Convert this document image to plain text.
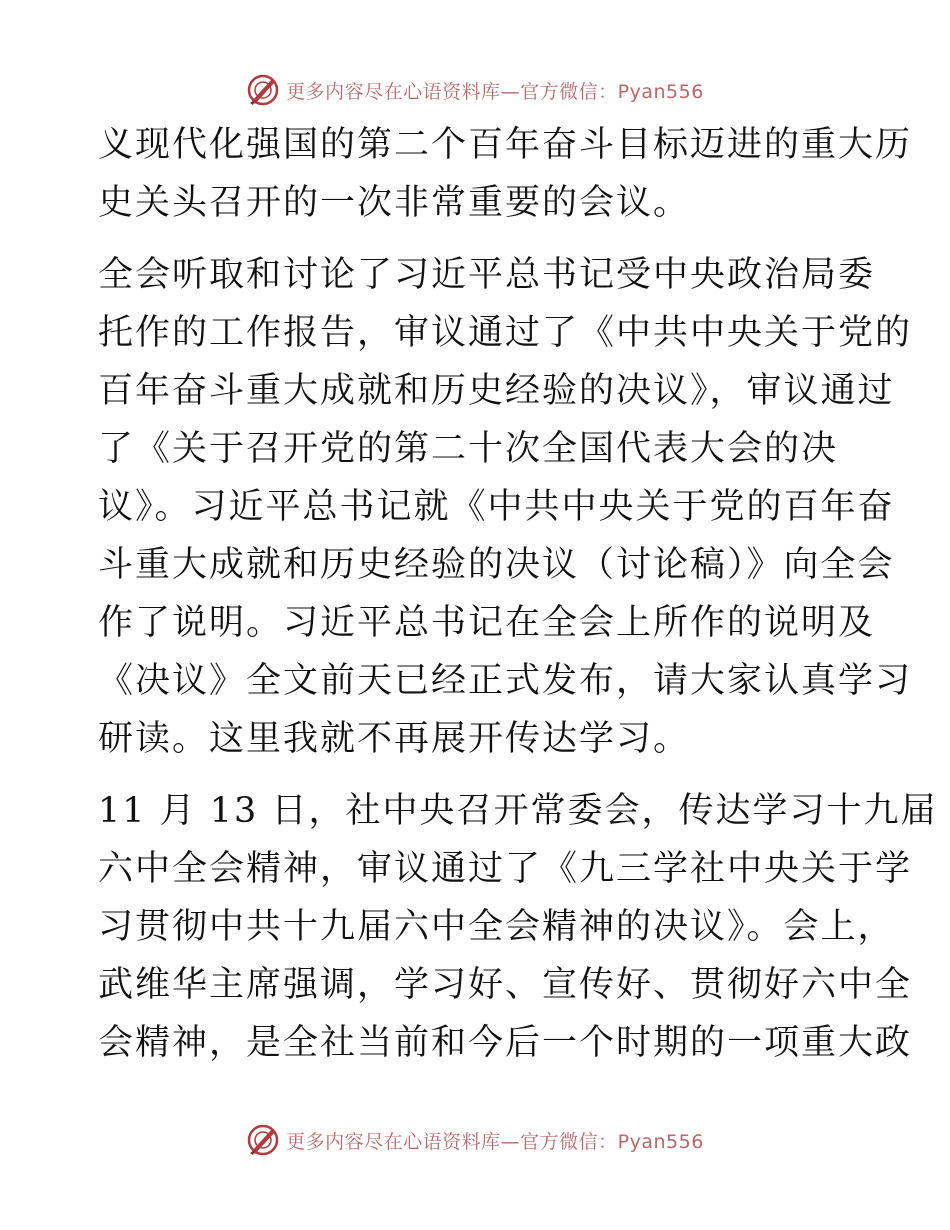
更多内容尽在心语资料库—官方微信：Pyan556
义现代化强国的第二个百年奋斗目标迈进的重大历
史关头召开的一次非常重要的会议。
全会听取和讨论了习近平总书记受中央政治局委
托作的工作报告，审议通过了《中共中央关于党的
百年奋斗重大成就和历史经验的决议》，审议通过
了《关于召开党的第二十次全国代表大会的决
议》。习近平总书记就《中共中央关于党的百年奋
斗重大成就和历史经验的决议（讨论稿）》向全会
作了说明。习近平总书记在全会上所作的说明及
《决议》全文前天已经正式发布，请大家认真学习
研读。这里我就不再展开传达学习。
11 月 13 日，社中央召开常委会，传达学习十九届
六中全会精神，审议通过了《九三学社中央关于学
习贯彻中共十九届六中全会精神的决议》。会上，
武维华主席强调，学习好、宣传好、贯彻好六中全
会精神，是全社当前和今后一个时期的一项重大政
更多内容尽在心语资料库—官方微信：Pyan556
